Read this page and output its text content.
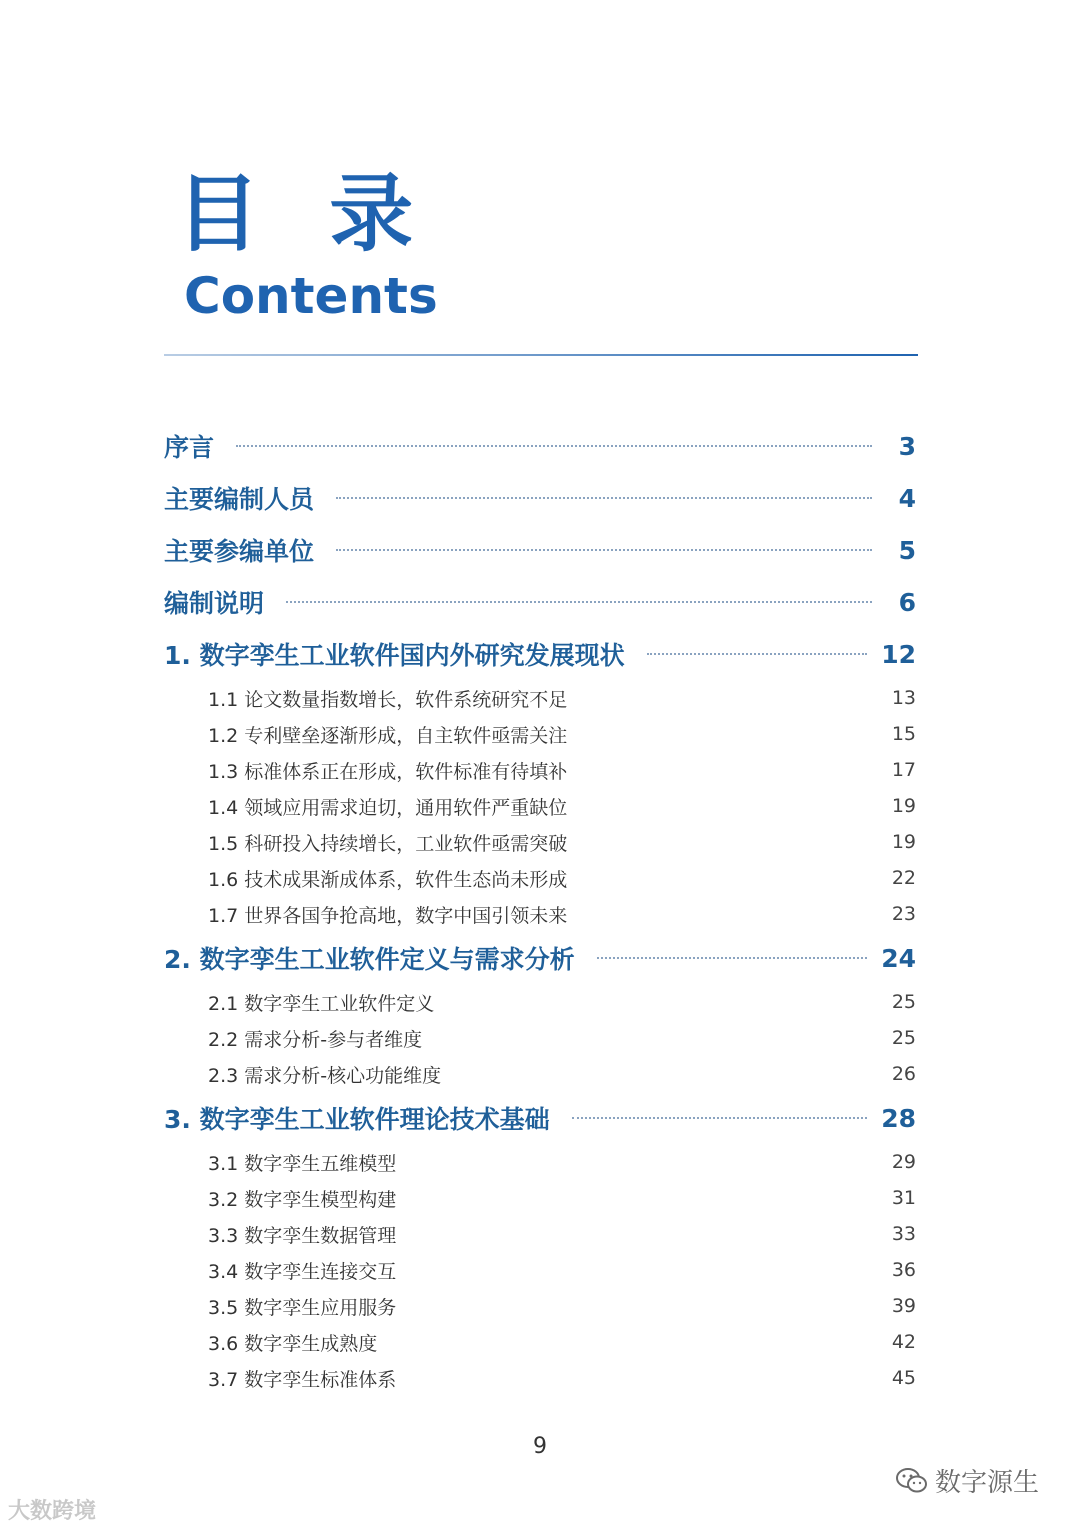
目 录
Contents
序言	3
主要编制人员	4
主要参编单位	5
编制说明	6
1. 数字孪生工业软件国内外研究发展现状	12
1.1 论文数量指数增长，软件系统研究不足	13
1.2 专利壁垒逐渐形成，自主软件亟需关注	15
1.3 标准体系正在形成，软件标准有待填补	17
1.4 领域应用需求迫切，通用软件严重缺位	19
1.5 科研投入持续增长，工业软件亟需突破	19
1.6 技术成果渐成体系，软件生态尚未形成	22
1.7 世界各国争抢高地，数字中国引领未来	23
2. 数字孪生工业软件定义与需求分析	24
2.1 数字孪生工业软件定义	25
2.2 需求分析-参与者维度	25
2.3 需求分析-核心功能维度	26
3. 数字孪生工业软件理论技术基础	28
3.1 数字孪生五维模型	29
3.2 数字孪生模型构建	31
3.3 数字孪生数据管理	33
3.4 数字孪生连接交互	36
3.5 数字孪生应用服务	39
3.6 数字孪生成熟度	42
3.7 数字孪生标准体系	45
9
大数跨境
数字源生
